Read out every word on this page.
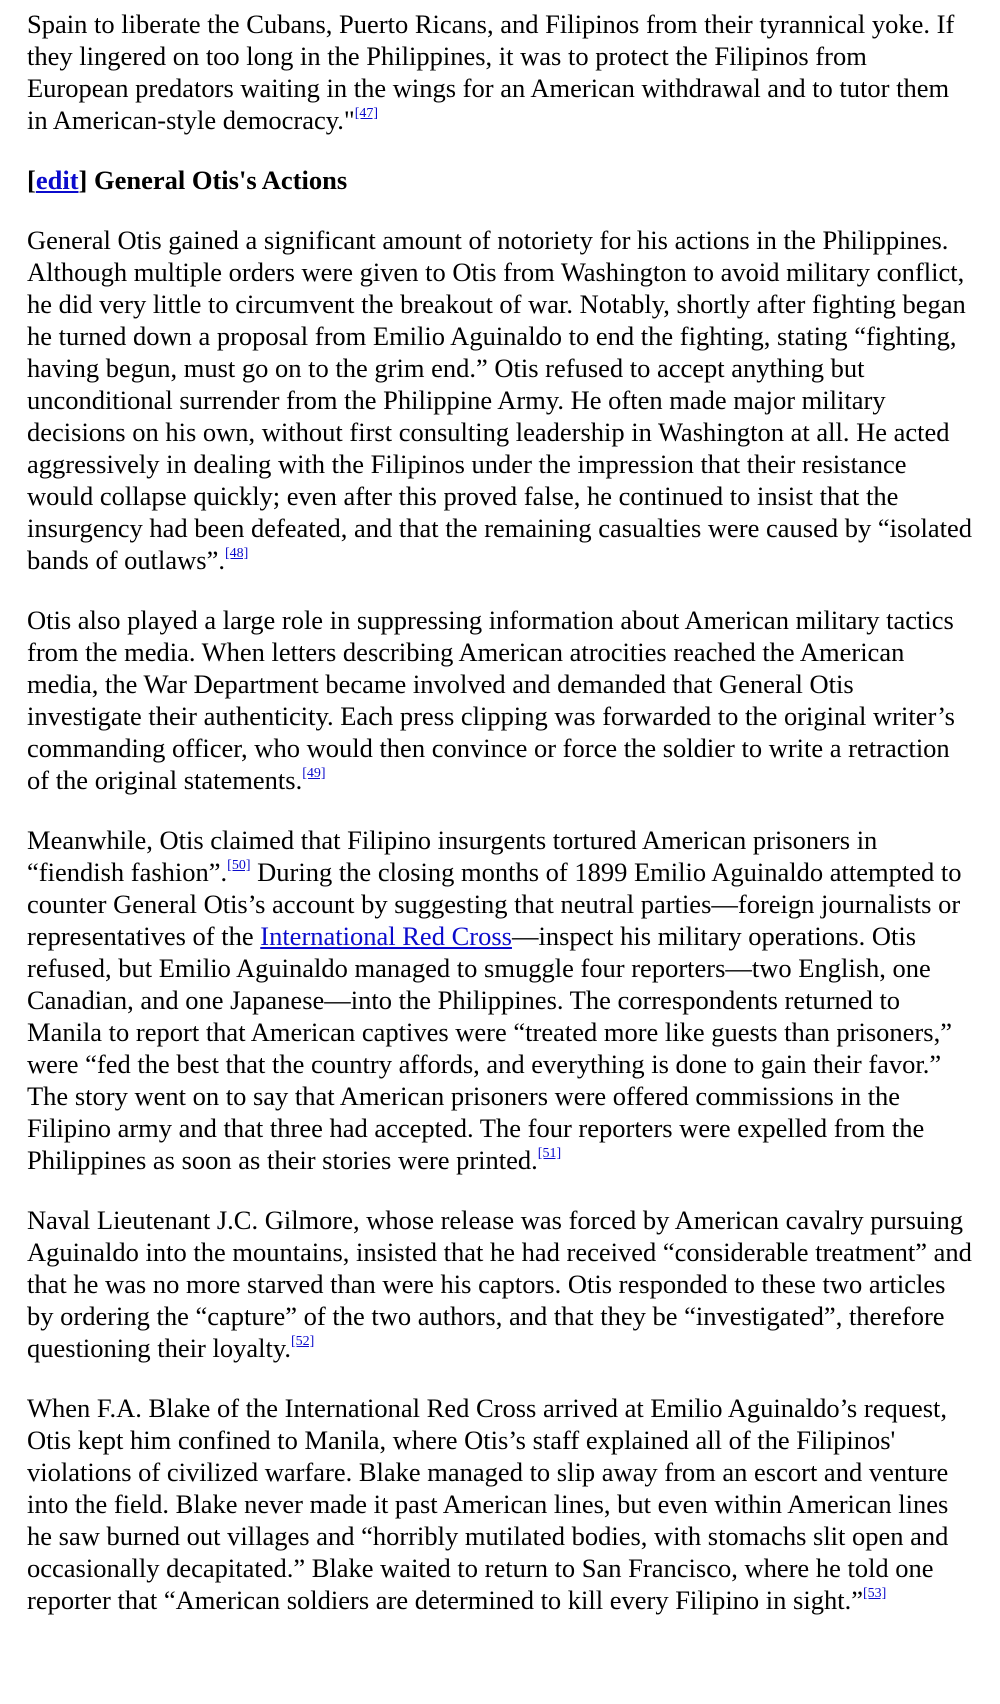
Spain to liberate the Cubans, Puerto Ricans, and Filipinos from their tyrannical yoke. If they lingered on too long in the Philippines, it was to protect the Filipinos from European predators waiting in the wings for an American withdrawal and to tutor them in American-style democracy."[47]

[edit] General Otis's Actions

General Otis gained a significant amount of notoriety for his actions in the Philippines. Although multiple orders were given to Otis from Washington to avoid military conflict, he did very little to circumvent the breakout of war. Notably, shortly after fighting began he turned down a proposal from Emilio Aguinaldo to end the fighting, stating “fighting, having begun, must go on to the grim end.” Otis refused to accept anything but unconditional surrender from the Philippine Army. He often made major military decisions on his own, without first consulting leadership in Washington at all. He acted aggressively in dealing with the Filipinos under the impression that their resistance would collapse quickly; even after this proved false, he continued to insist that the insurgency had been defeated, and that the remaining casualties were caused by “isolated bands of outlaws”.[48]

Otis also played a large role in suppressing information about American military tactics from the media. When letters describing American atrocities reached the American media, the War Department became involved and demanded that General Otis investigate their authenticity. Each press clipping was forwarded to the original writer’s commanding officer, who would then convince or force the soldier to write a retraction of the original statements.[49]

Meanwhile, Otis claimed that Filipino insurgents tortured American prisoners in “fiendish fashion”.[50] During the closing months of 1899 Emilio Aguinaldo attempted to counter General Otis’s account by suggesting that neutral parties—foreign journalists or representatives of the International Red Cross—inspect his military operations. Otis refused, but Emilio Aguinaldo managed to smuggle four reporters—two English, one Canadian, and one Japanese—into the Philippines. The correspondents returned to Manila to report that American captives were “treated more like guests than prisoners,” were “fed the best that the country affords, and everything is done to gain their favor.” The story went on to say that American prisoners were offered commissions in the Filipino army and that three had accepted. The four reporters were expelled from the Philippines as soon as their stories were printed.[51]

Naval Lieutenant J.C. Gilmore, whose release was forced by American cavalry pursuing Aguinaldo into the mountains, insisted that he had received “considerable treatment” and that he was no more starved than were his captors. Otis responded to these two articles by ordering the “capture” of the two authors, and that they be “investigated”, therefore questioning their loyalty.[52]

When F.A. Blake of the International Red Cross arrived at Emilio Aguinaldo’s request, Otis kept him confined to Manila, where Otis’s staff explained all of the Filipinos' violations of civilized warfare. Blake managed to slip away from an escort and venture into the field. Blake never made it past American lines, but even within American lines he saw burned out villages and “horribly mutilated bodies, with stomachs slit open and occasionally decapitated.” Blake waited to return to San Francisco, where he told one reporter that “American soldiers are determined to kill every Filipino in sight.”[53]
